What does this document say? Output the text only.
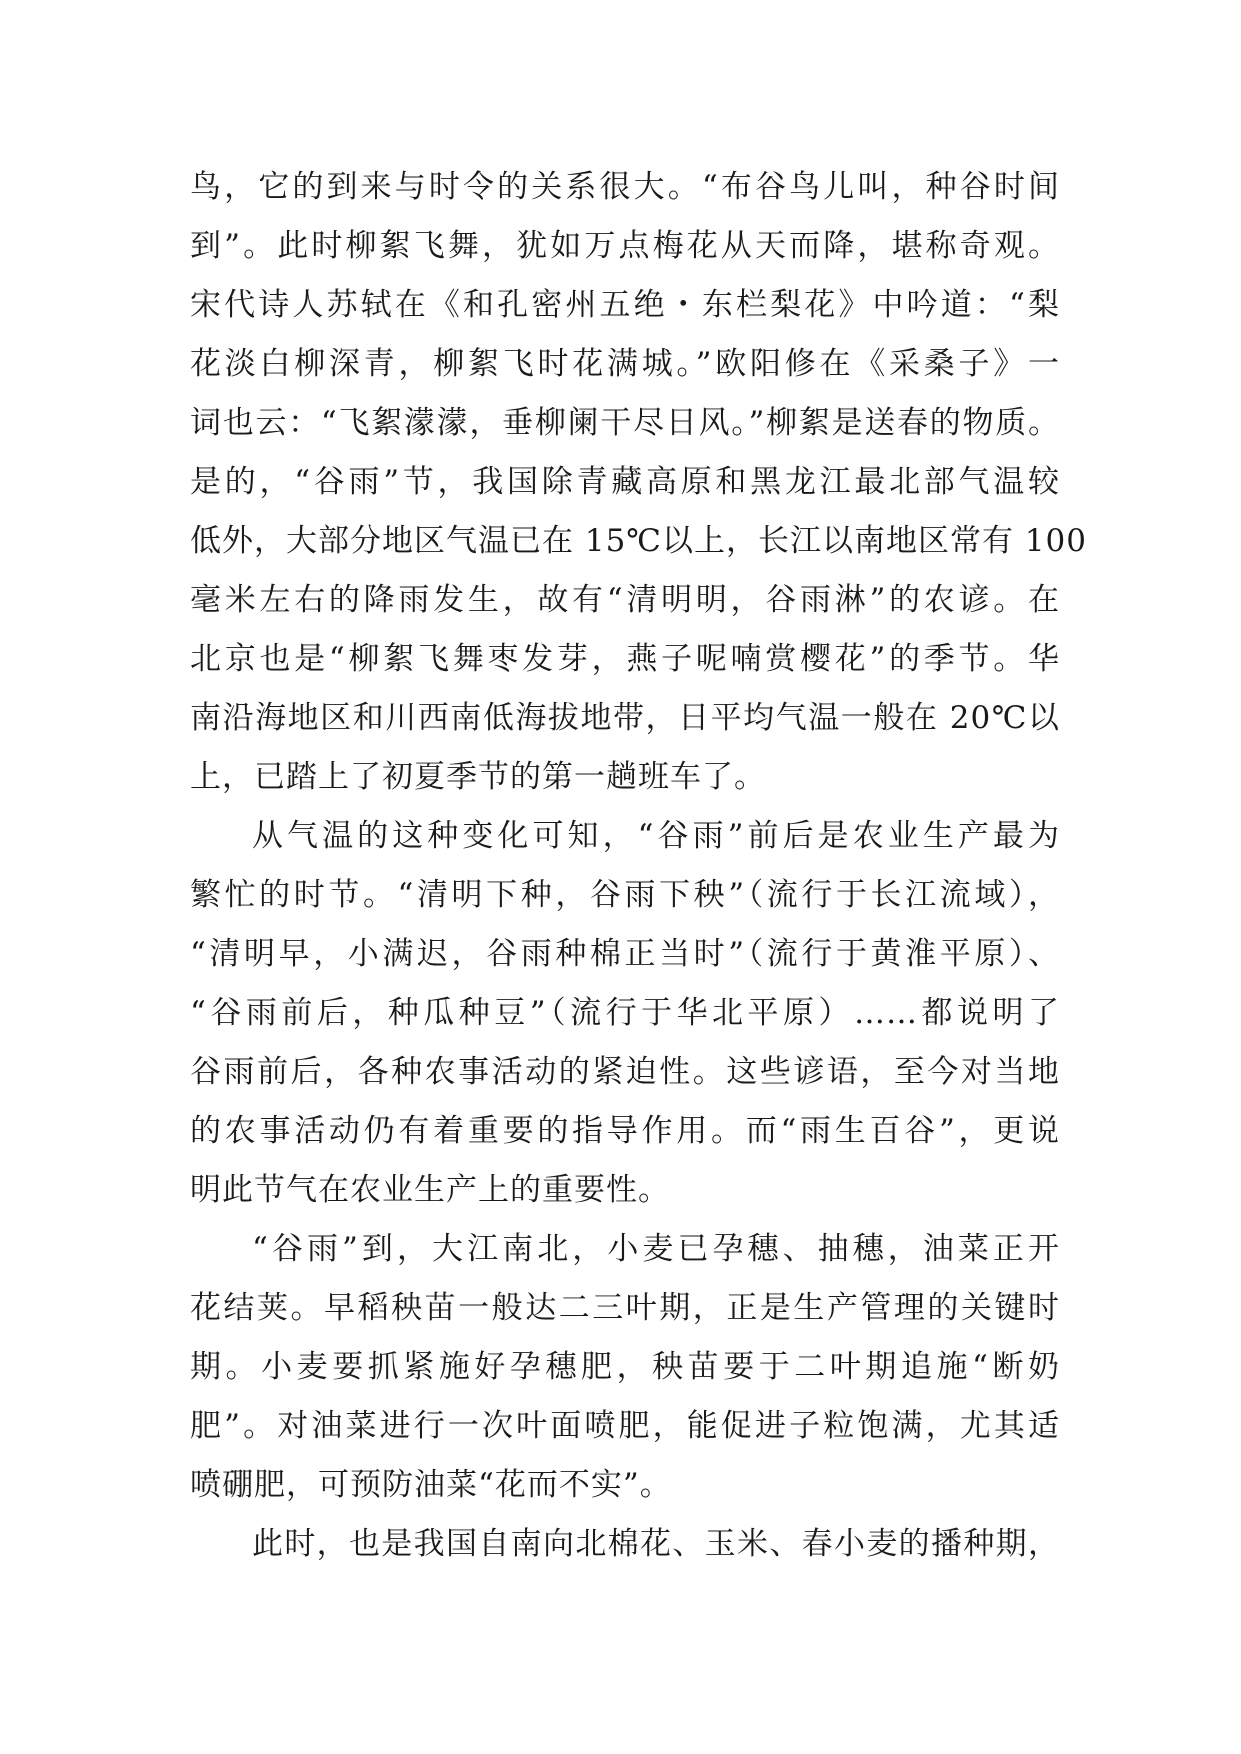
鸟，它的到来与时令的关系很大。“布谷鸟儿叫，种谷时间
到”。此时柳絮飞舞，犹如万点梅花从天而降，堪称奇观。
宋代诗人苏轼在《和孔密州五绝・东栏梨花》中吟道：“梨
花淡白柳深青，柳絮飞时花满城。”欧阳修在《采桑子》一
词也云：“飞絮濛濛，垂柳阑干尽日风。”柳絮是送春的物质。
是的，“谷雨”节，我国除青藏高原和黑龙江最北部气温较
低外，大部分地区气温已在 15℃以上，长江以南地区常有 100
毫米左右的降雨发生，故有“清明明，谷雨淋”的农谚。在
北京也是“柳絮飞舞枣发芽，燕子呢喃赏樱花”的季节。华
南沿海地区和川西南低海拔地带，日平均气温一般在 20℃以
上，已踏上了初夏季节的第一趟班车了。
从气温的这种变化可知，“谷雨”前后是农业生产最为
繁忙的时节。“清明下种，谷雨下秧”（流行于长江流域），
“清明早，小满迟，谷雨种棉正当时”（流行于黄淮平原）、
“谷雨前后，种瓜种豆”（流行于华北平原）……都说明了
谷雨前后，各种农事活动的紧迫性。这些谚语，至今对当地
的农事活动仍有着重要的指导作用。而“雨生百谷”，更说
明此节气在农业生产上的重要性。
“谷雨”到，大江南北，小麦已孕穗、抽穗，油菜正开
花结荚。早稻秧苗一般达二三叶期，正是生产管理的关键时
期。小麦要抓紧施好孕穗肥，秧苗要于二叶期追施“断奶
肥”。对油菜进行一次叶面喷肥，能促进子粒饱满，尤其适
喷硼肥，可预防油菜“花而不实”。
此时，也是我国自南向北棉花、玉米、春小麦的播种期，
